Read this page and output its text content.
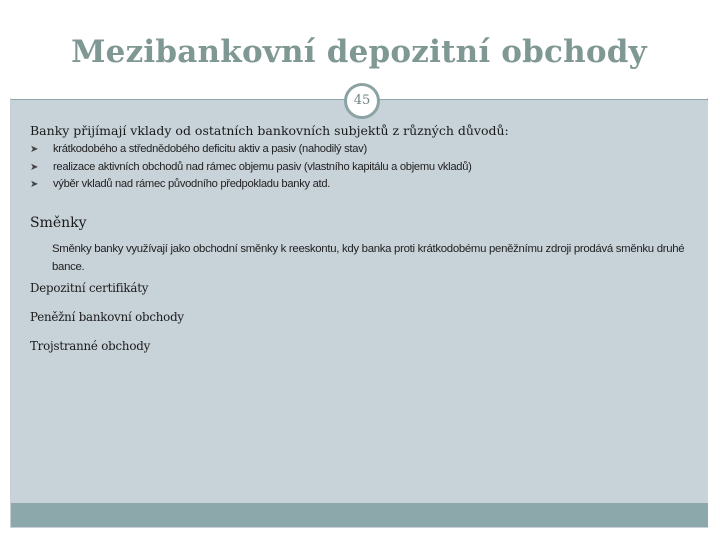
Mezibankovní depozitní obchody
45
Banky přijímají vklady od ostatních bankovních subjektů z různých důvodů:
➤ krátkodobého a střednědobého deficitu aktiv a pasiv (nahodilý stav)
➤ realizace aktivních obchodů nad rámec objemu pasiv (vlastního kapitálu a objemu vkladů)
➤ výběr vkladů nad rámec původního předpokladu banky atd.
Směnky
Směnky banky využívají jako obchodní směnky k reeskontu, kdy banka proti krátkodobému peněžnímu zdroji prodává směnku druhé bance.
Depozitní certifikáty
Peněžní bankovní obchody
Trojstranné obchody
